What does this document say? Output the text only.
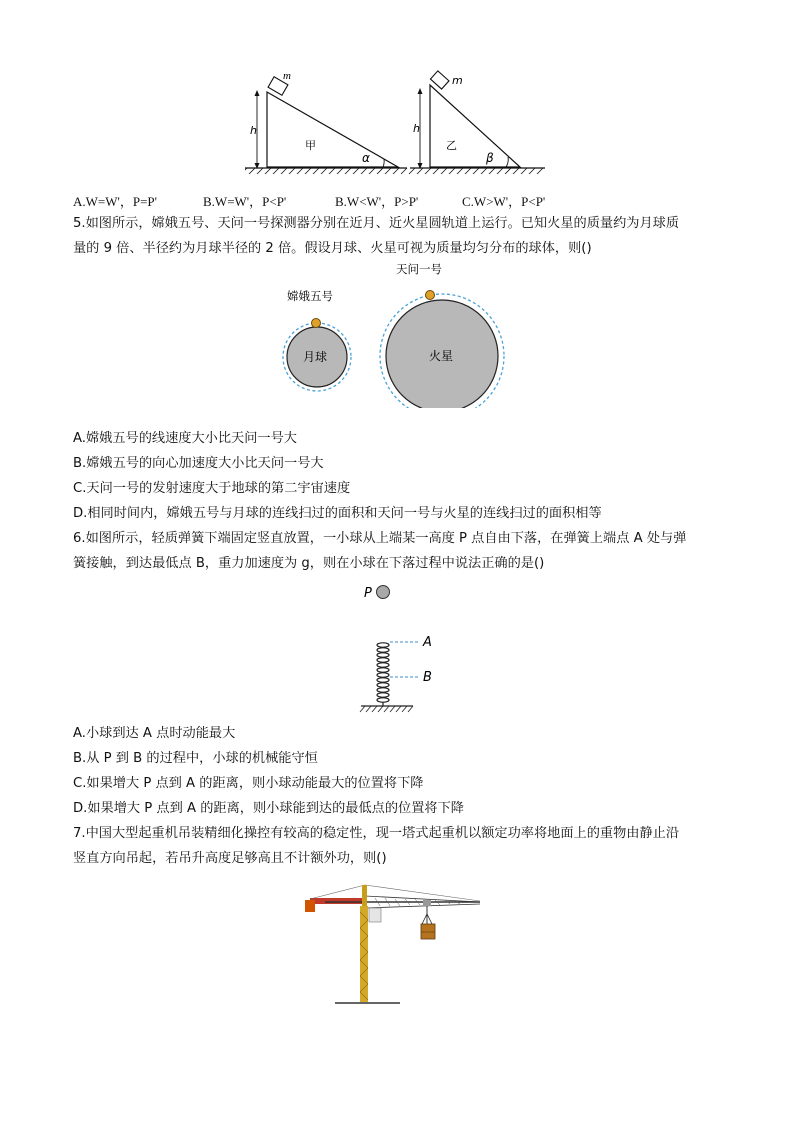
m
h
甲
α
m
h
乙
β
A.W=W'，P=P'	B.W=W'，P<P'	B.W<W'，P>P'	C.W>W'，P<P'
5.如图所示，嫦娥五号、天问一号探测器分别在近月、近火星圆轨道上运行。已知火星的质量约为月球质
量的 9 倍、半径约为月球半径的 2 倍。假设月球、火星可视为质量均匀分布的球体，则()
嫦娥五号
月球
天问一号
火星
A.嫦娥五号的线速度大小比天问一号大
B.嫦娥五号的向心加速度大小比天问一号大
C.天问一号的发射速度大于地球的第二宇宙速度
D.相同时间内，嫦娥五号与月球的连线扫过的面积和天问一号与火星的连线扫过的面积相等
6.如图所示，轻质弹簧下端固定竖直放置，一小球从上端某一高度 P 点自由下落，在弹簧上端点 A 处与弹
簧接触，到达最低点 B，重力加速度为 g，则在小球在下落过程中说法正确的是()
P
A
B
A.小球到达 A 点时动能最大
B.从 P 到 B 的过程中，小球的机械能守恒
C.如果增大 P 点到 A 的距离，则小球动能最大的位置将下降
D.如果增大 P 点到 A 的距离，则小球能到达的最低点的位置将下降
7.中国大型起重机吊装精细化操控有较高的稳定性，现一塔式起重机以额定功率将地面上的重物由静止沿
竖直方向吊起，若吊升高度足够高且不计额外功，则()
